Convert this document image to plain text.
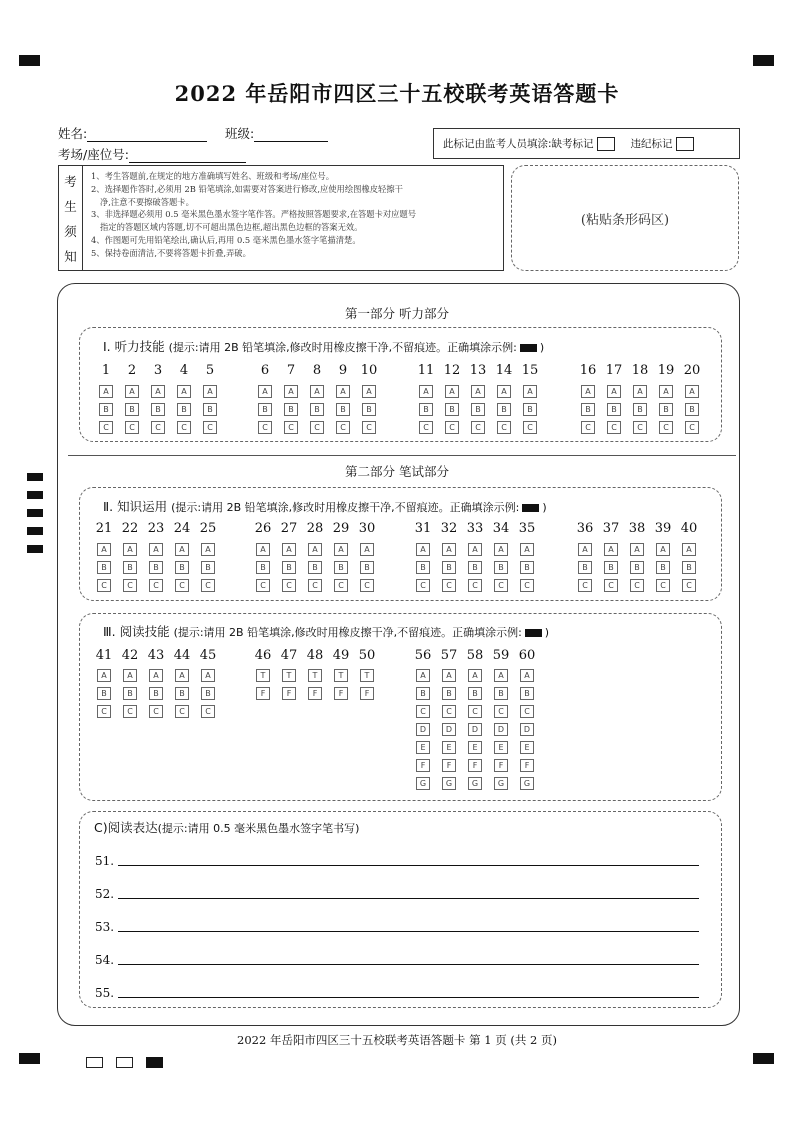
2022 年岳阳市四区三十五校联考英语答题卡
姓名:	班级:
考场/座位号:
此标记由监考人员填涂: 缺考标记	违纪标记
考
生
须
知
1、考生答题前,在规定的地方准确填写姓名、班级和考场/座位号。
2、选择题作答时,必须用 2B 铅笔填涂,如需要对答案进行修改,应使用绘图橡皮轻擦干
净,注意不要擦破答题卡。
3、非选择题必须用 0.5 毫米黑色墨水签字笔作答。严格按照答题要求,在答题卡对应题号
指定的答题区域内答题,切不可超出黑色边框,超出黑色边框的答案无效。
4、作图题可先用铅笔绘出,确认后,再用 0.5 毫米黑色墨水签字笔描清楚。
5、保持卷面清洁,不要将答题卡折叠,弄破。
(粘贴条形码区)
第一部分 听力部分
Ⅰ. 听力技能 (提示:请用 2B 铅笔填涂,修改时用橡皮擦干净,不留痕迹。正确填涂示例: )
1
A
B
C
2
A
B
C
3
A
B
C
4
A
B
C
5
A
B
C
6
A
B
C
7
A
B
C
8
A
B
C
9
A
B
C
10
A
B
C
11
A
B
C
12
A
B
C
13
A
B
C
14
A
B
C
15
A
B
C
16
A
B
C
17
A
B
C
18
A
B
C
19
A
B
C
20
A
B
C
第二部分 笔试部分
Ⅱ. 知识运用 (提示:请用 2B 铅笔填涂,修改时用橡皮擦干净,不留痕迹。正确填涂示例: )
21
A
B
C
22
A
B
C
23
A
B
C
24
A
B
C
25
A
B
C
26
A
B
C
27
A
B
C
28
A
B
C
29
A
B
C
30
A
B
C
31
A
B
C
32
A
B
C
33
A
B
C
34
A
B
C
35
A
B
C
36
A
B
C
37
A
B
C
38
A
B
C
39
A
B
C
40
A
B
C
Ⅲ. 阅读技能 (提示:请用 2B 铅笔填涂,修改时用橡皮擦干净,不留痕迹。正确填涂示例: )
41
A
B
C
42
A
B
C
43
A
B
C
44
A
B
C
45
A
B
C
46
T
F
47
T
F
48
T
F
49
T
F
50
T
F
56
A
B
C
D
E
F
G
57
A
B
C
D
E
F
G
58
A
B
C
D
E
F
G
59
A
B
C
D
E
F
G
60
A
B
C
D
E
F
G
C)阅读表达(提示:请用 0.5 毫米黑色墨水签字笔书写)
51.
52.
53.
54.
55.
2022 年岳阳市四区三十五校联考英语答题卡 第 1 页 (共 2 页)
